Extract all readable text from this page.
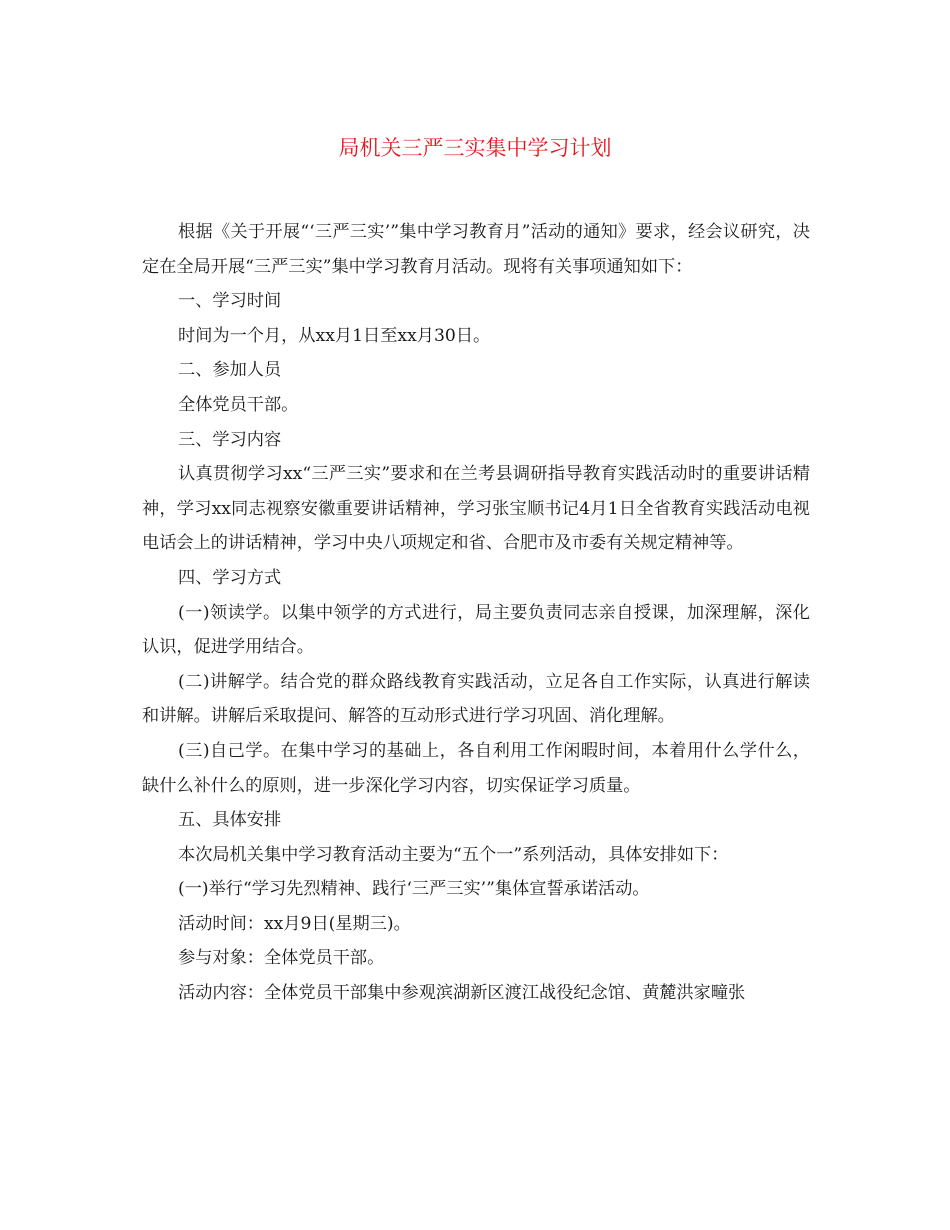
局机关三严三实集中学习计划

根据《关于开展“‘三严三实’”集中学习教育月”活动的通知》要求，经会议研究，决定在全局开展“三严三实”集中学习教育月活动。现将有关事项通知如下：

一、学习时间

时间为一个月，从xx月1日至xx月30日。

二、参加人员

全体党员干部。

三、学习内容

认真贯彻学习xx“三严三实”要求和在兰考县调研指导教育实践活动时的重要讲话精神，学习xx同志视察安徽重要讲话精神，学习张宝顺书记4月1日全省教育实践活动电视电话会上的讲话精神，学习中央八项规定和省、合肥市及市委有关规定精神等。

四、学习方式

(一)领读学。以集中领学的方式进行，局主要负责同志亲自授课，加深理解，深化认识，促进学用结合。

(二)讲解学。结合党的群众路线教育实践活动，立足各自工作实际，认真进行解读和讲解。讲解后采取提问、解答的互动形式进行学习巩固、消化理解。

(三)自己学。在集中学习的基础上，各自利用工作闲暇时间，本着用什么学什么，缺什么补什么的原则，进一步深化学习内容，切实保证学习质量。

五、具体安排

本次局机关集中学习教育活动主要为“五个一”系列活动，具体安排如下：

(一)举行“学习先烈精神、践行‘三严三实’”集体宣誓承诺活动。

活动时间：xx月9日(星期三)。

参与对象：全体党员干部。

活动内容：全体党员干部集中参观滨湖新区渡江战役纪念馆、黄麓洪家疃张
